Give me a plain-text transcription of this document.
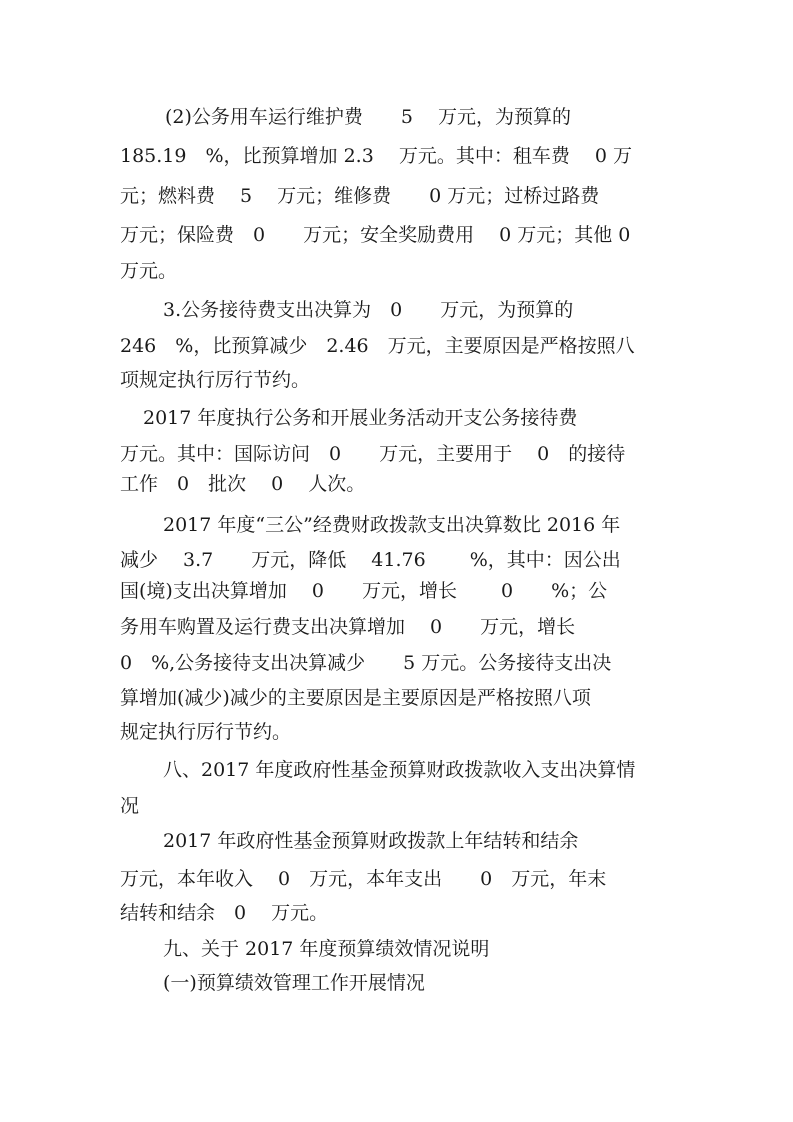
(2)公务用车运行维护费　　5　 万元，为预算的
185.19　%，比预算增加 2.3　 万元。其中：租车费　 0 万
元；燃料费　 5　 万元；维修费　　0 万元；过桥过路费
万元；保险费　0　　万元；安全奖励费用　 0 万元；其他 0
万元。
3.公务接待费支出决算为　0　　万元，为预算的
246　%，比预算减少　2.46　万元，主要原因是严格按照八
项规定执行厉行节约。
2017 年度执行公务和开展业务活动开支公务接待费
万元。其中：国际访问　0　　万元，主要用于　 0　的接待
工作　0　批次　 0　 人次。
2017 年度“三公”经费财政拨款支出决算数比 2016 年
减少　 3.7　　万元，降低　 41.76　　 %，其中：因公出
国(境)支出决算增加　 0　　万元，增长　　 0　　%；公
务用车购置及运行费支出决算增加　 0　　万元，增长
0　%,公务接待支出决算减少　　5 万元。公务接待支出决
算增加(减少)减少的主要原因是主要原因是严格按照八项
规定执行厉行节约。
八、2017 年度政府性基金预算财政拨款收入支出决算情
况
2017 年政府性基金预算财政拨款上年结转和结余
万元，本年收入　 0　万元，本年支出　　0　万元，年末
结转和结余　0　 万元。
九、关于 2017 年度预算绩效情况说明
(一)预算绩效管理工作开展情况
